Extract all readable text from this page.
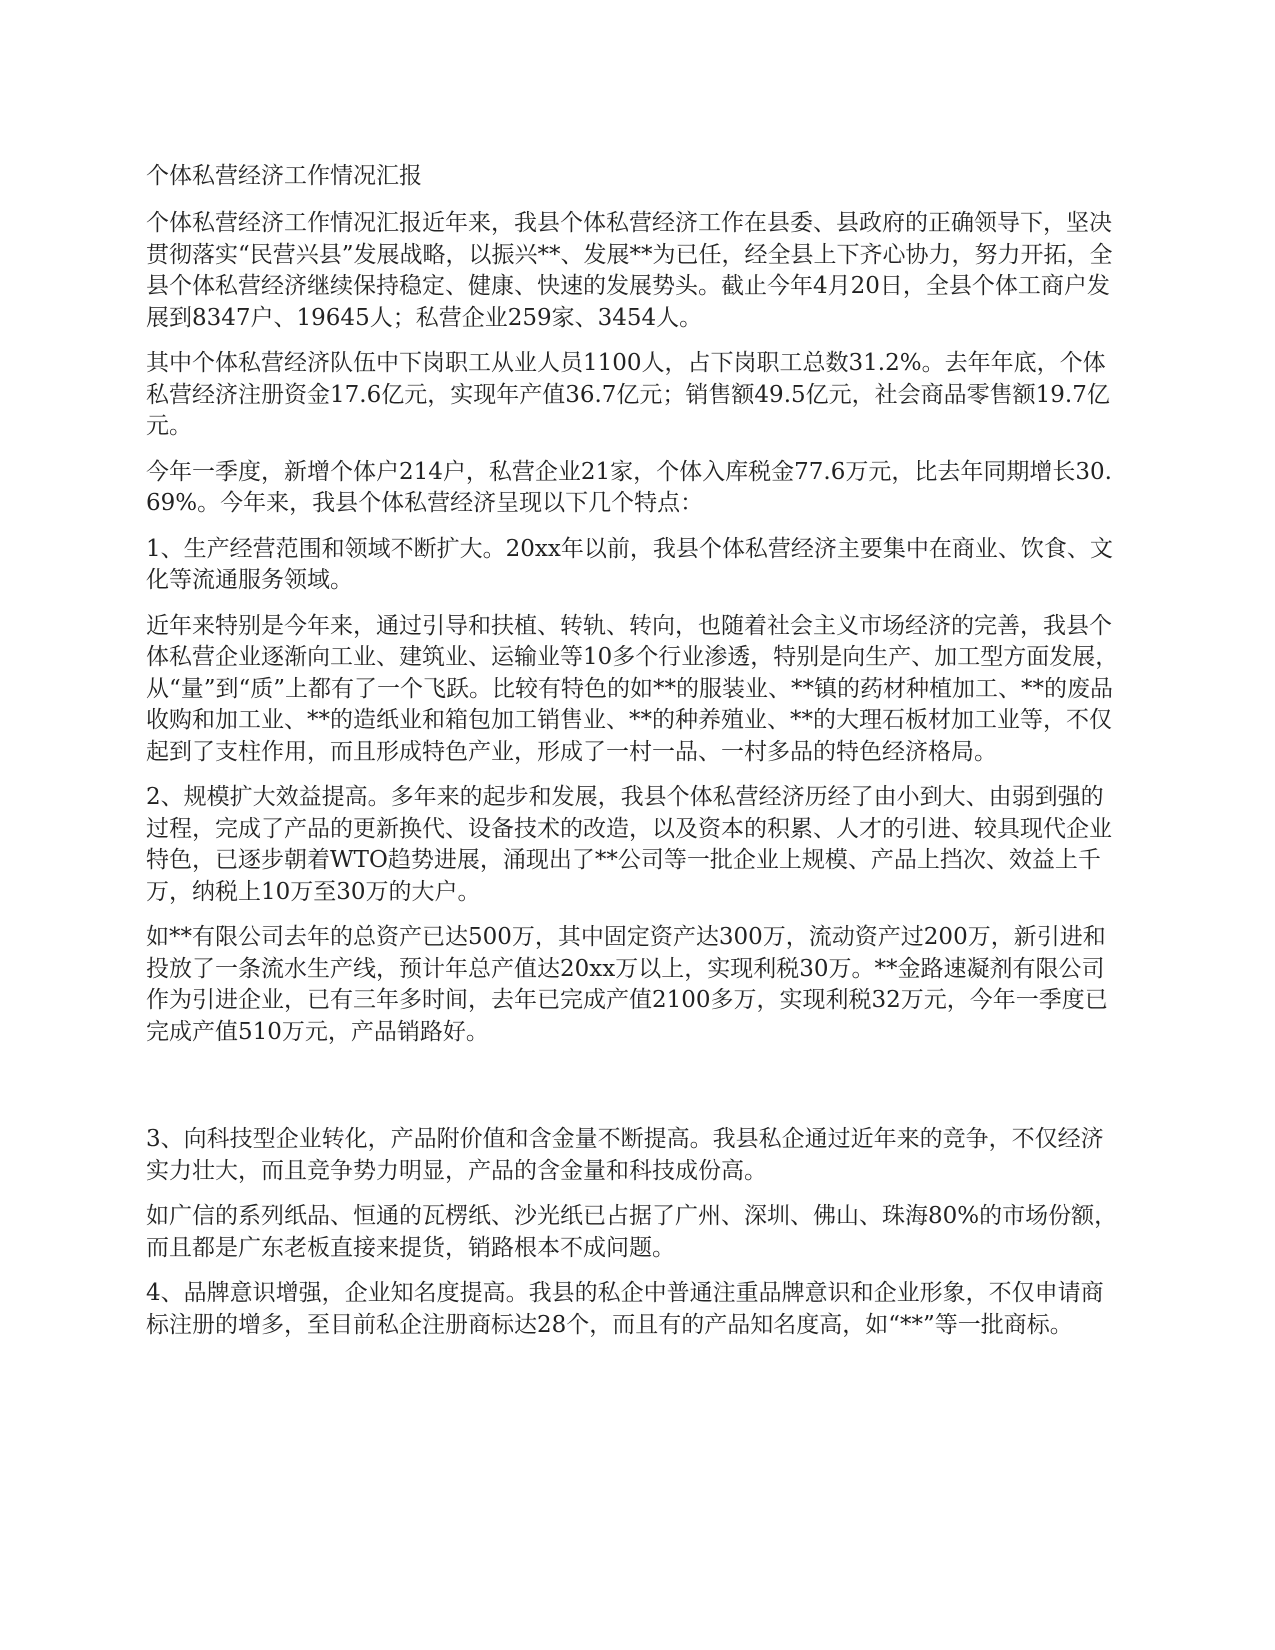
个体私营经济工作情况汇报

个体私营经济工作情况汇报近年来，我县个体私营经济工作在县委、县政府的正确领导下，坚决贯彻落实“民营兴县”发展战略，以振兴**、发展**为已任，经全县上下齐心协力，努力开拓，全县个体私营经济继续保持稳定、健康、快速的发展势头。截止今年4月20日，全县个体工商户发展到8347户、19645人；私营企业259家、3454人。

其中个体私营经济队伍中下岗职工从业人员1100人，占下岗职工总数31.2%。去年年底，个体私营经济注册资金17.6亿元，实现年产值36.7亿元；销售额49.5亿元，社会商品零售额19.7亿元。

今年一季度，新增个体户214户，私营企业21家，个体入库税金77.6万元，比去年同期增长30.69%。今年来，我县个体私营经济呈现以下几个特点：

1、生产经营范围和领域不断扩大。20xx年以前，我县个体私营经济主要集中在商业、饮食、文化等流通服务领域。

近年来特别是今年来，通过引导和扶植、转轨、转向，也随着社会主义市场经济的完善，我县个体私营企业逐渐向工业、建筑业、运输业等10多个行业渗透，特别是向生产、加工型方面发展，从“量”到“质”上都有了一个飞跃。比较有特色的如**的服装业、**镇的药材种植加工、**的废品收购和加工业、**的造纸业和箱包加工销售业、**的种养殖业、**的大理石板材加工业等，不仅起到了支柱作用，而且形成特色产业，形成了一村一品、一村多品的特色经济格局。

2、规模扩大效益提高。多年来的起步和发展，我县个体私营经济历经了由小到大、由弱到强的过程，完成了产品的更新换代、设备技术的改造，以及资本的积累、人才的引进、较具现代企业特色，已逐步朝着WTO趋势进展，涌现出了**公司等一批企业上规模、产品上挡次、效益上千万，纳税上10万至30万的大户。

如**有限公司去年的总资产已达500万，其中固定资产达300万，流动资产过200万，新引进和投放了一条流水生产线，预计年总产值达20xx万以上，实现利税30万。**金路速凝剂有限公司作为引进企业，已有三年多时间，去年已完成产值2100多万，实现利税32万元，今年一季度已完成产值510万元，产品销路好。

3、向科技型企业转化，产品附价值和含金量不断提高。我县私企通过近年来的竞争，不仅经济实力壮大，而且竞争势力明显，产品的含金量和科技成份高。

如广信的系列纸品、恒通的瓦楞纸、沙光纸已占据了广州、深圳、佛山、珠海80%的市场份额，而且都是广东老板直接来提货，销路根本不成问题。

4、品牌意识增强，企业知名度提高。我县的私企中普通注重品牌意识和企业形象，不仅申请商标注册的增多，至目前私企注册商标达28个，而且有的产品知名度高，如“**”等一批商标。
